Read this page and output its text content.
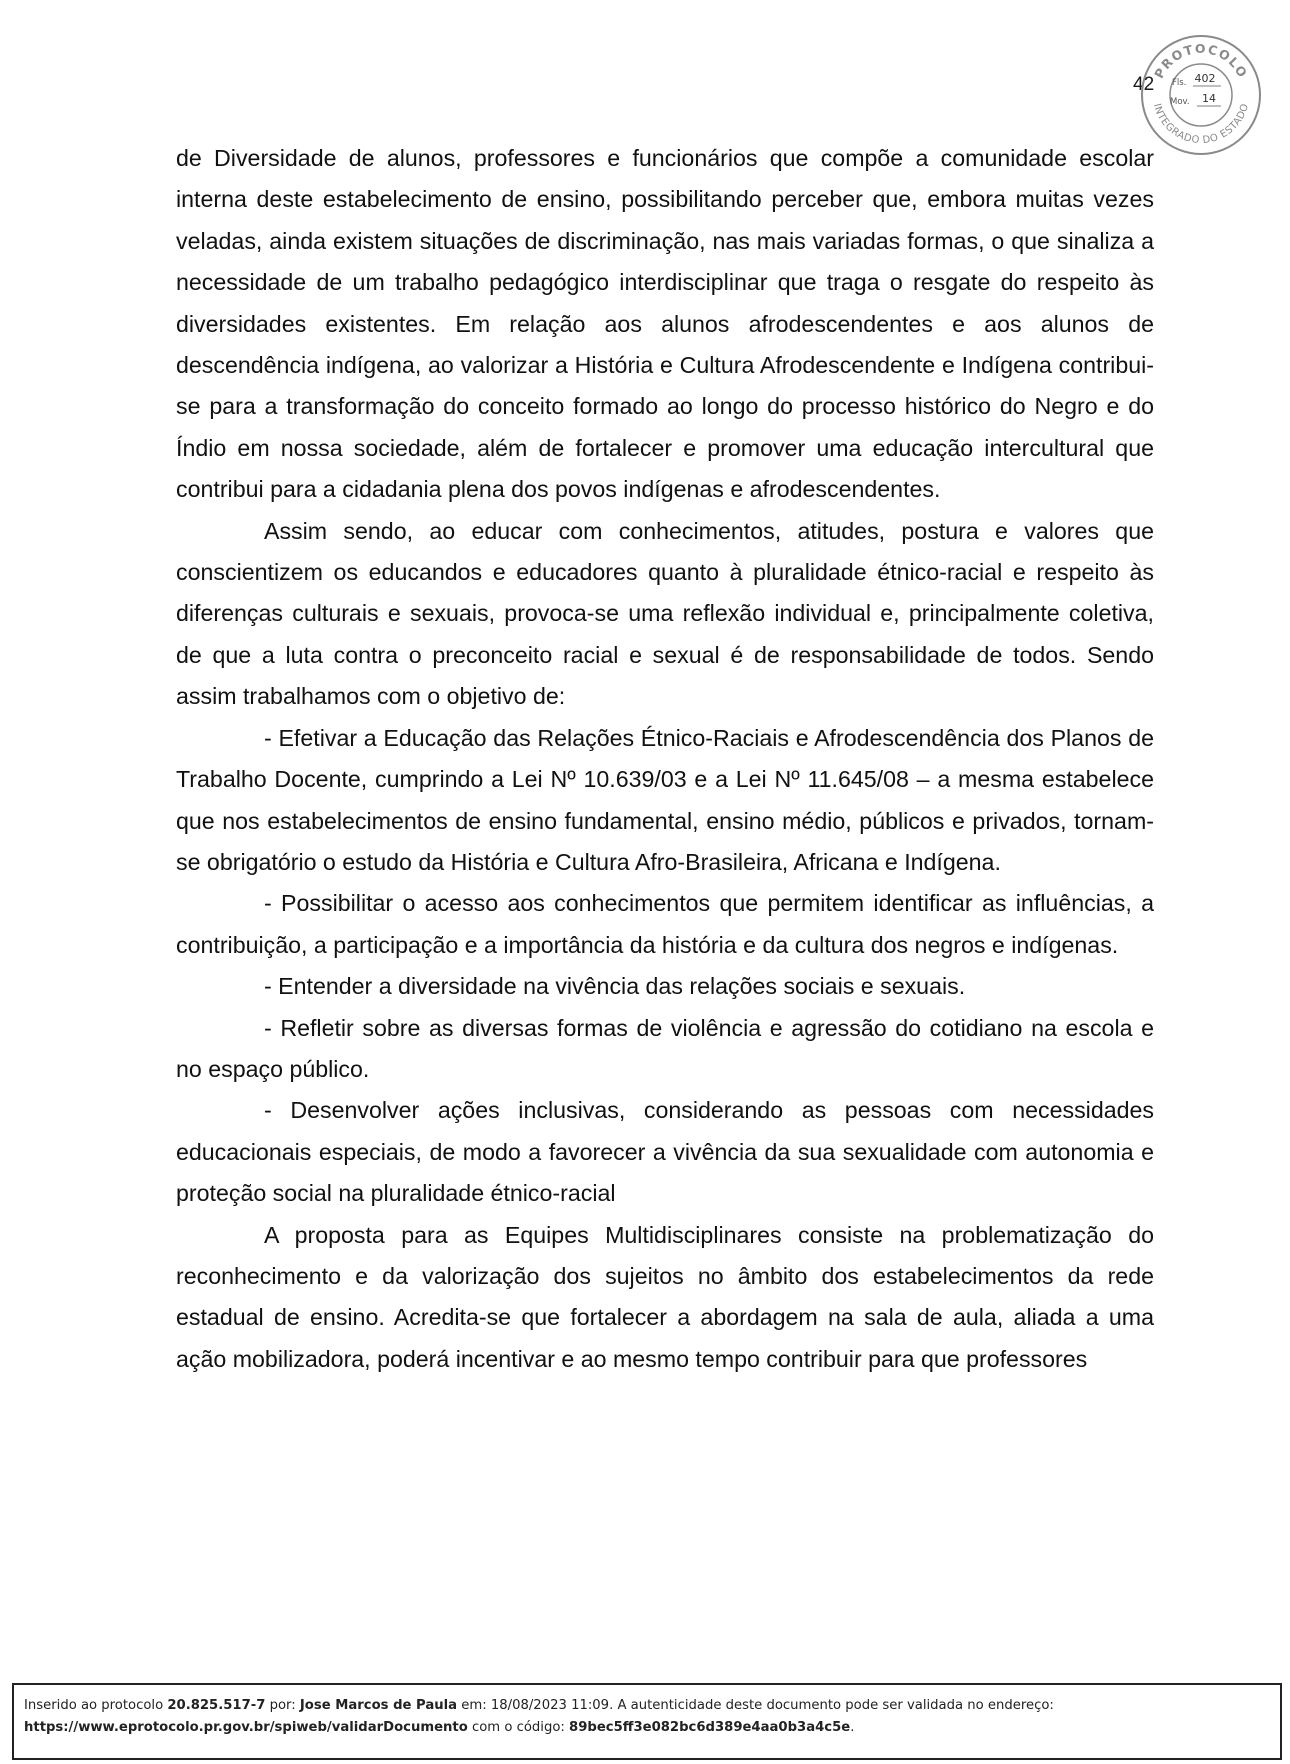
42
PROTOCOLO
INTEGRADO DO ESTADO
Fls. 402
Mov. 14

de Diversidade de alunos, professores e funcionários que compõe a comunidade escolar interna deste estabelecimento de ensino, possibilitando perceber que, embora muitas vezes veladas, ainda existem situações de discriminação, nas mais variadas formas, o que sinaliza a necessidade de um trabalho pedagógico interdisciplinar que traga o resgate do respeito às diversidades existentes. Em relação aos alunos afrodescendentes e aos alunos de descendência indígena, ao valorizar a História e Cultura Afrodescendente e Indígena contribui-se para a transformação do conceito formado ao longo do processo histórico do Negro e do Índio em nossa sociedade, além de fortalecer e promover uma educação intercultural que contribui para a cidadania plena dos povos indígenas e afrodescendentes.

Assim sendo, ao educar com conhecimentos, atitudes, postura e valores que conscientizem os educandos e educadores quanto à pluralidade étnico-racial e respeito às diferenças culturais e sexuais, provoca-se uma reflexão individual e, principalmente coletiva, de que a luta contra o preconceito racial e sexual é de responsabilidade de todos. Sendo assim trabalhamos com o objetivo de:

- Efetivar a Educação das Relações Étnico-Raciais e Afrodescendência dos Planos de Trabalho Docente, cumprindo a Lei Nº 10.639/03 e a Lei Nº 11.645/08 – a mesma estabelece que nos estabelecimentos de ensino fundamental, ensino médio, públicos e privados, tornam-se obrigatório o estudo da História e Cultura Afro-Brasileira, Africana e Indígena.

- Possibilitar o acesso aos conhecimentos que permitem identificar as influências, a contribuição, a participação e a importância da história e da cultura dos negros e indígenas.

- Entender a diversidade na vivência das relações sociais e sexuais.

- Refletir sobre as diversas formas de violência e agressão do cotidiano na escola e no espaço público.

- Desenvolver ações inclusivas, considerando as pessoas com necessidades educacionais especiais, de modo a favorecer a vivência da sua sexualidade com autonomia e proteção social na pluralidade étnico-racial

A proposta para as Equipes Multidisciplinares consiste na problematização do reconhecimento e da valorização dos sujeitos no âmbito dos estabelecimentos da rede estadual de ensino. Acredita-se que fortalecer a abordagem na sala de aula, aliada a uma ação mobilizadora, poderá incentivar e ao mesmo tempo contribuir para que professores

Inserido ao protocolo 20.825.517-7 por: Jose Marcos de Paula em: 18/08/2023 11:09. A autenticidade deste documento pode ser validada no endereço:
https://www.eprotocolo.pr.gov.br/spiweb/validarDocumento com o código: 89bec5ff3e082bc6d389e4aa0b3a4c5e.
